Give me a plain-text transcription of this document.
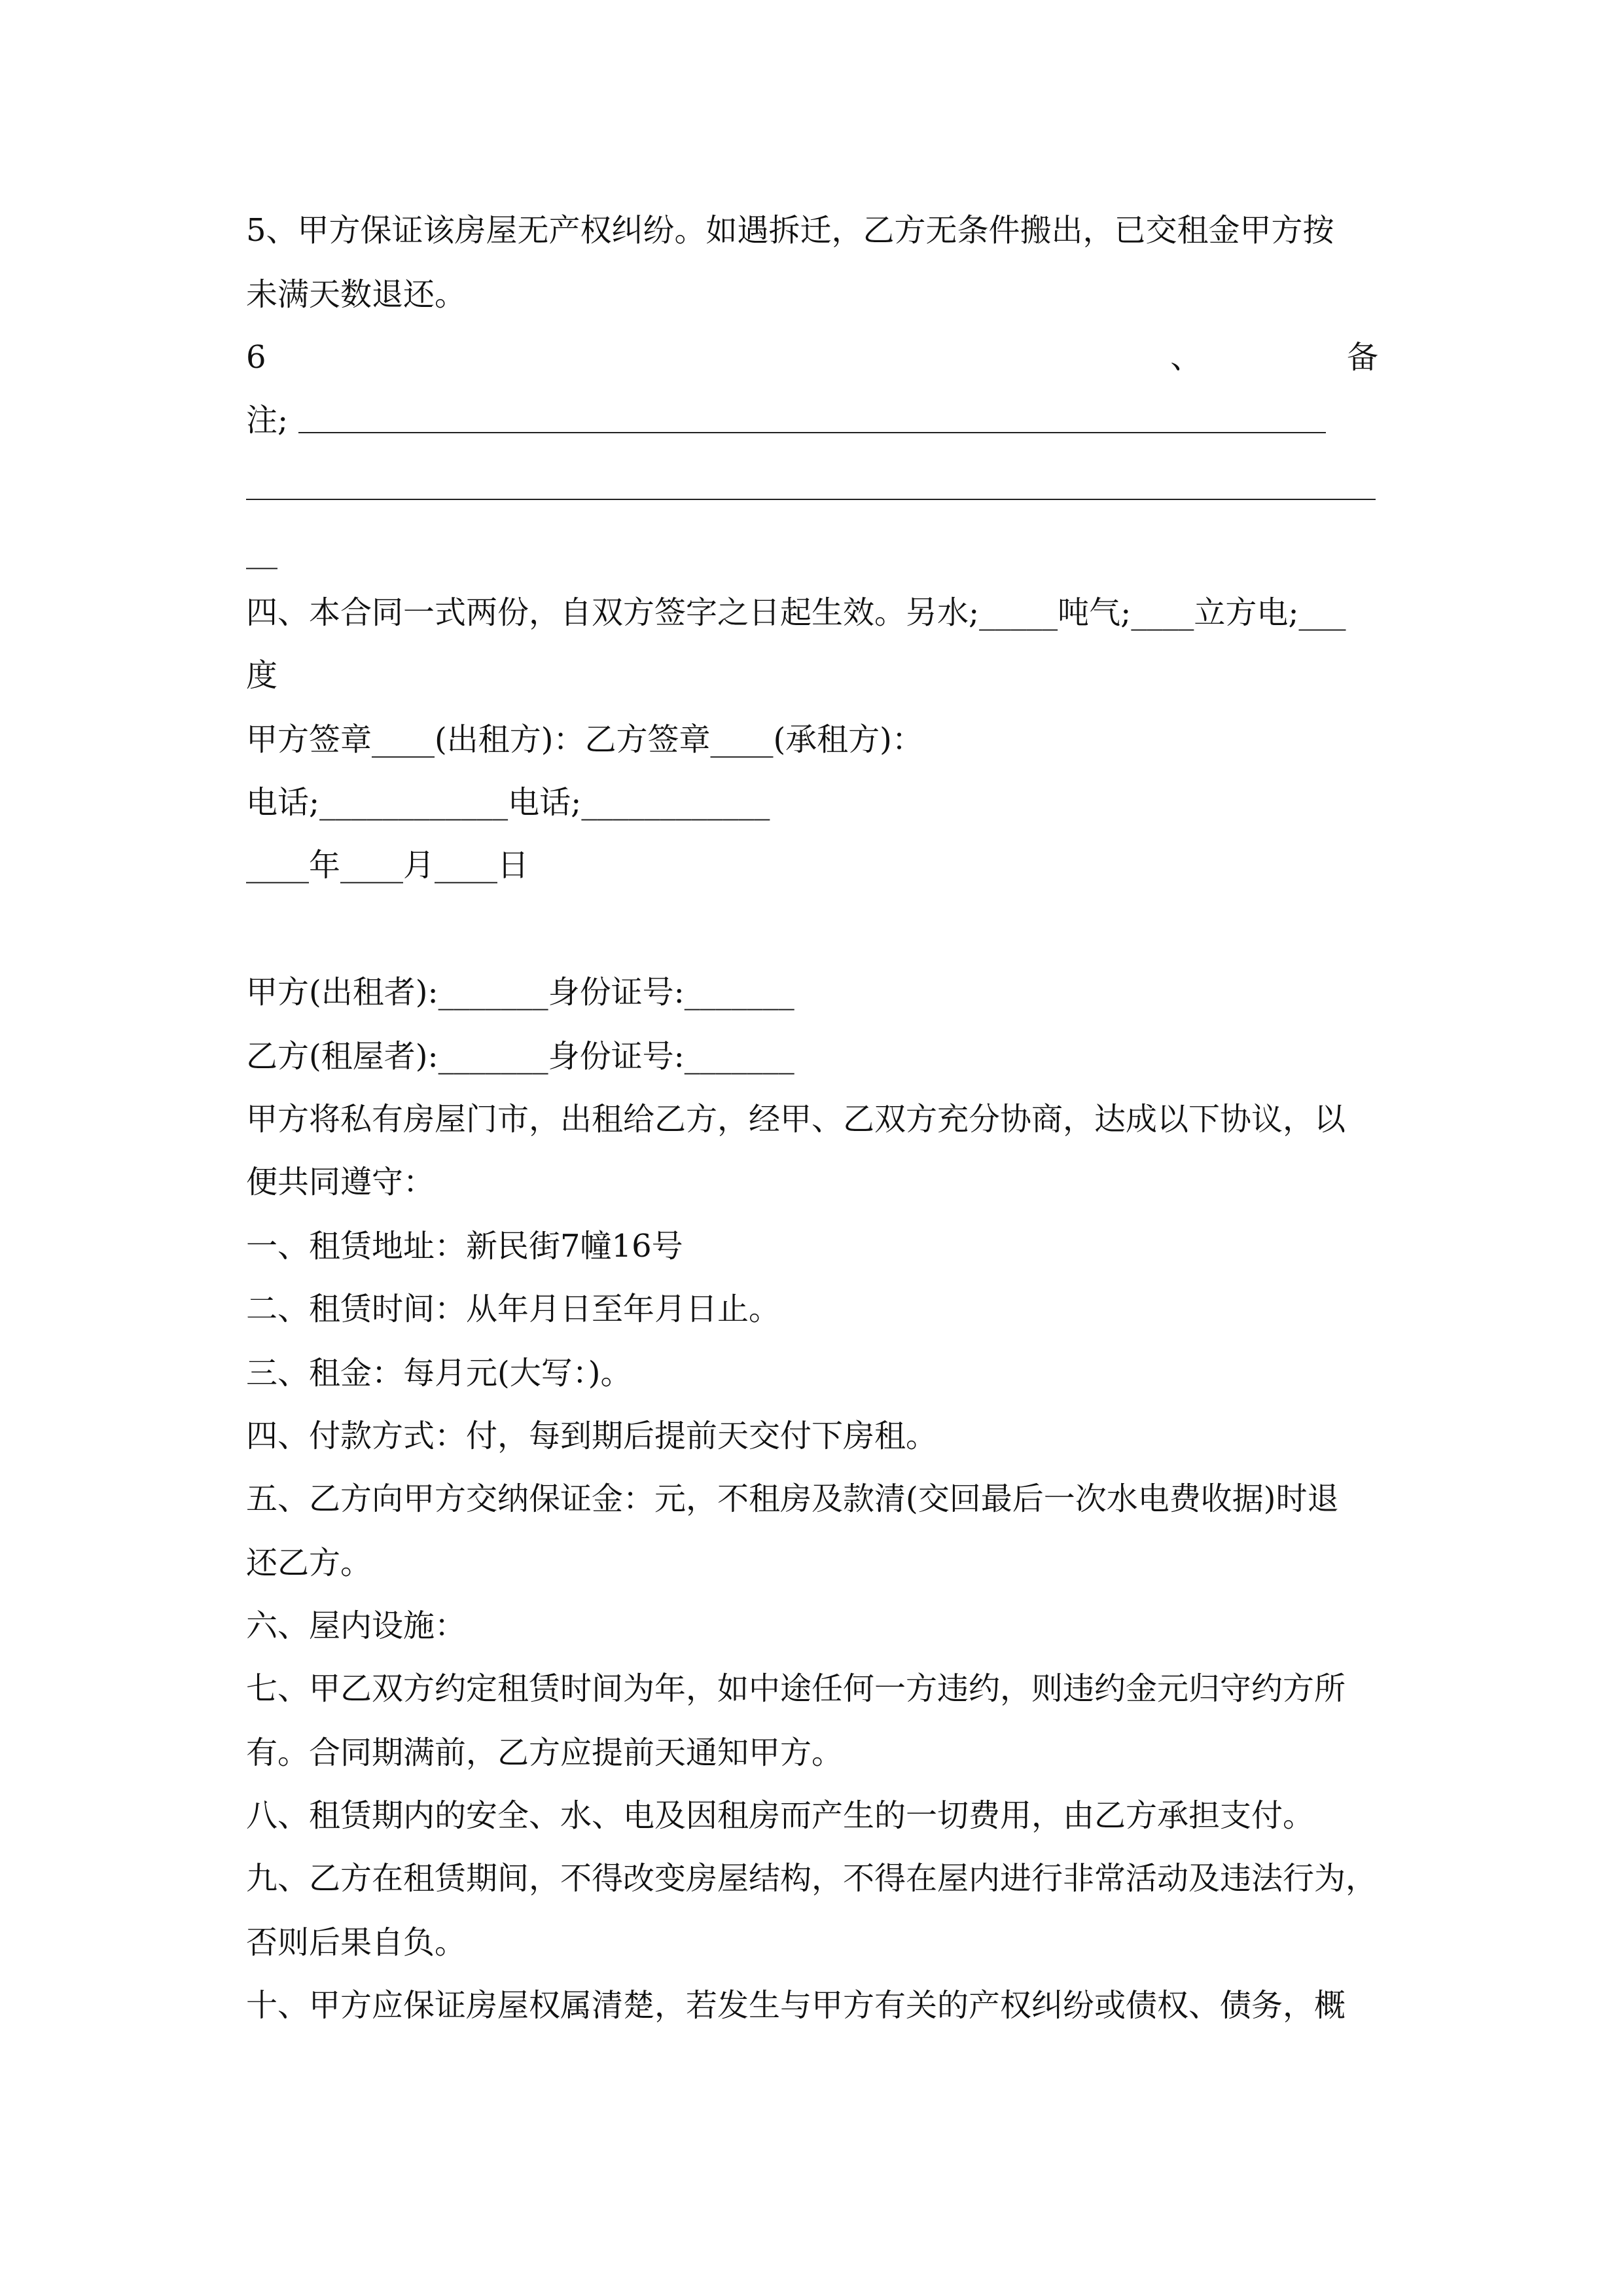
5、甲方保证该房屋无产权纠纷。如遇拆迁，乙方无条件搬出，已交租金甲方按
未满天数退还。
6	、	备
注;
__
四、本合同一式两份，自双方签字之日起生效。另水;_____吨气;____立方电;___
度
甲方签章____(出租方)：乙方签章____(承租方)：
电话;____________电话;____________
____年____月____日
甲方(出租者):_______身份证号:_______
乙方(租屋者):_______身份证号:_______
甲方将私有房屋门市，出租给乙方，经甲、乙双方充分协商，达成以下协议，以
便共同遵守：
一、租赁地址：新民街7幢16号
二、租赁时间：从年月日至年月日止。
三、租金：每月元(大写：)。
四、付款方式：付，每到期后提前天交付下房租。
五、乙方向甲方交纳保证金：元，不租房及款清(交回最后一次水电费收据)时退
还乙方。
六、屋内设施：
七、甲乙双方约定租赁时间为年，如中途任何一方违约，则违约金元归守约方所
有。合同期满前，乙方应提前天通知甲方。
八、租赁期内的安全、水、电及因租房而产生的一切费用，由乙方承担支付。
九、乙方在租赁期间，不得改变房屋结构，不得在屋内进行非常活动及违法行为，
否则后果自负。
十、甲方应保证房屋权属清楚，若发生与甲方有关的产权纠纷或债权、债务，概
